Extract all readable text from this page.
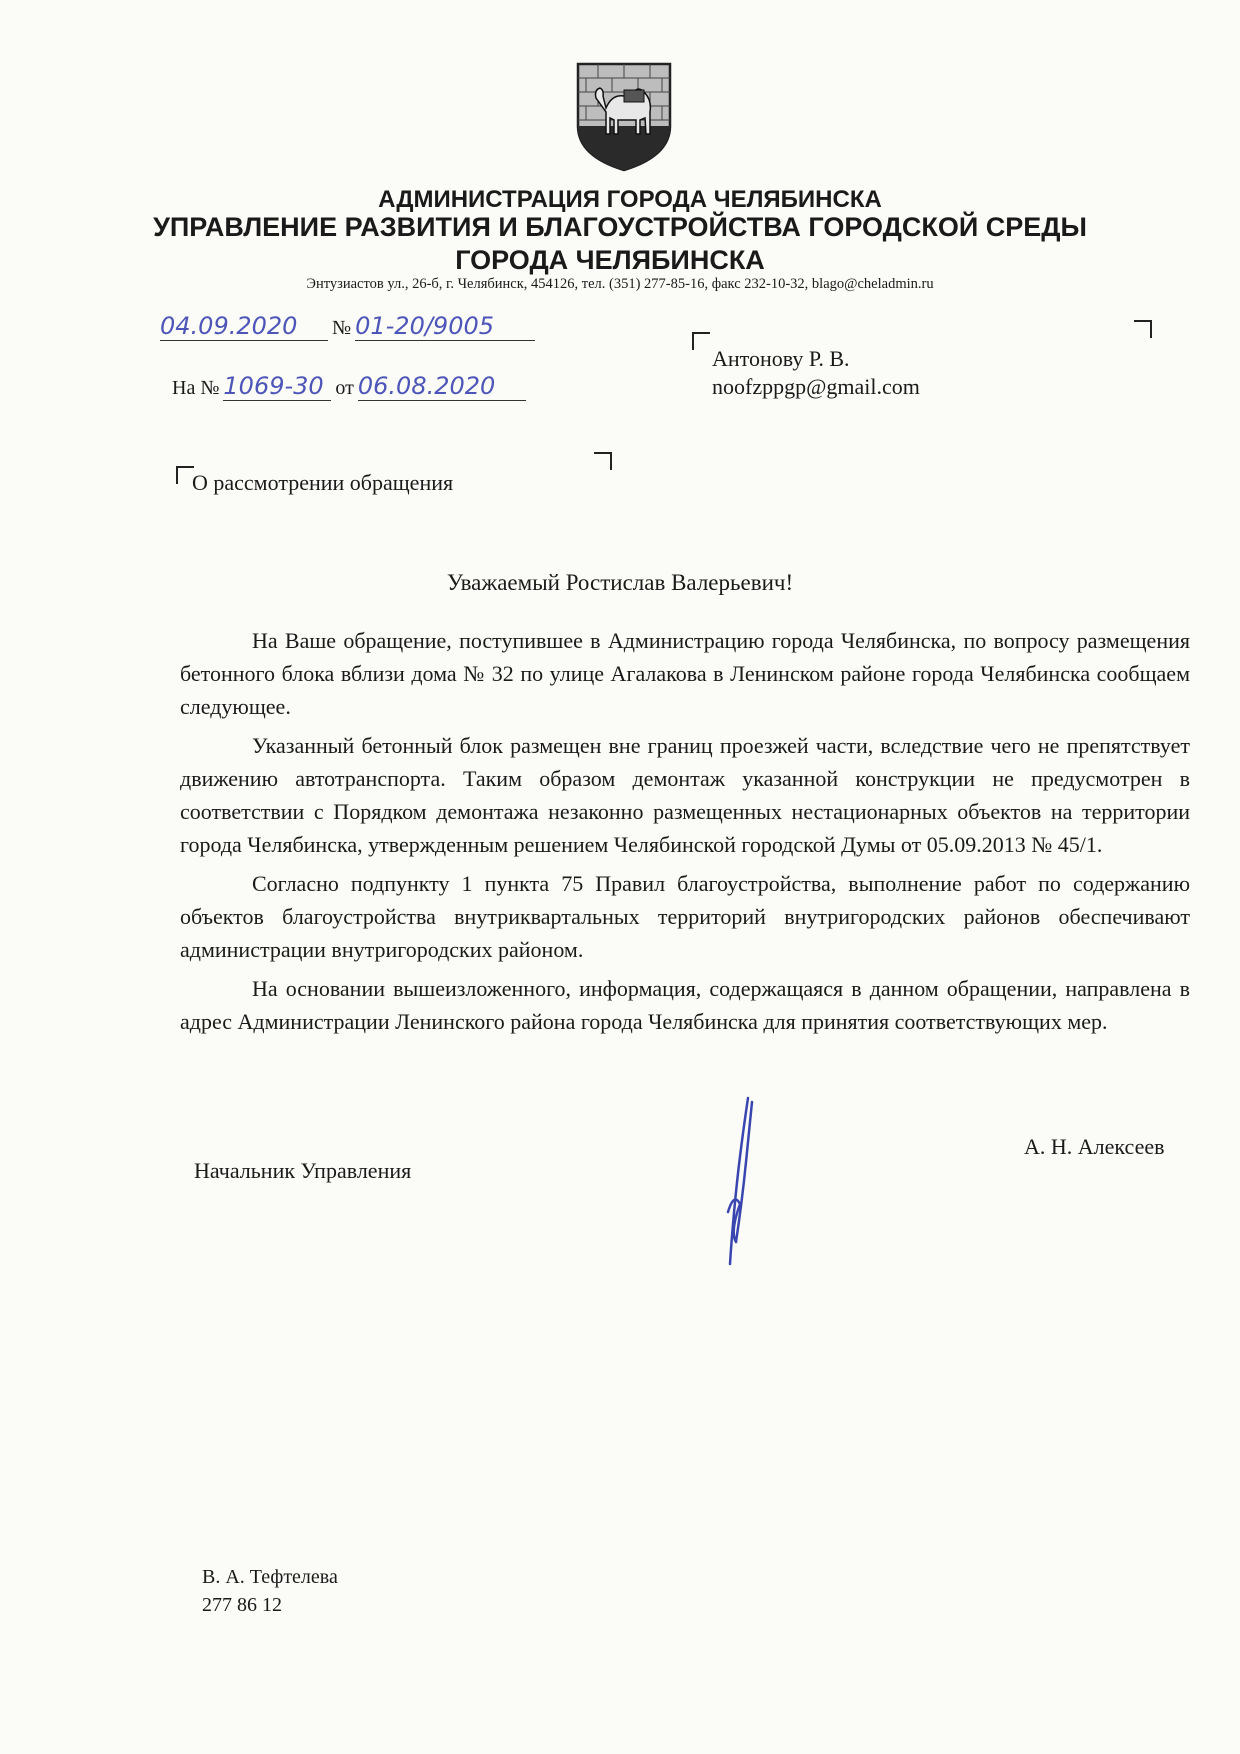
АДМИНИСТРАЦИЯ ГОРОДА ЧЕЛЯБИНСКА
УПРАВЛЕНИЕ РАЗВИТИЯ И БЛАГОУСТРОЙСТВА ГОРОДСКОЙ СРЕДЫ
ГОРОДА ЧЕЛЯБИНСКА
Энтузиастов ул., 26-б, г. Челябинск, 454126, тел. (351) 277-85-16, факс 232-10-32, blago@cheladmin.ru
04.09.2020 № 01-20/9005
На № 1069-30 от 06.08.2020
Антонову Р. В.
noofzppgp@gmail.com
О рассмотрении обращения
Уважаемый Ростислав Валерьевич!

На Ваше обращение, поступившее в Администрацию города Челябинска, по вопросу размещения бетонного блока вблизи дома № 32 по улице Агалакова в Ленинском районе города Челябинска сообщаем следующее.

Указанный бетонный блок размещен вне границ проезжей части, вследствие чего не препятствует движению автотранспорта. Таким образом демонтаж указанной конструкции не предусмотрен в соответствии с Порядком демонтажа незаконно размещенных нестационарных объектов на территории города Челябинска, утвержденным решением Челябинской городской Думы от 05.09.2013 № 45/1.

Согласно подпункту 1 пункта 75 Правил благоустройства, выполнение работ по содержанию объектов благоустройства внутриквартальных территорий внутригородских районов обеспечивают администрации внутригородских районом.

На основании вышеизложенного, информация, содержащаяся в данном обращении, направлена в адрес Администрации Ленинского района города Челябинска для принятия соответствующих мер.

Начальник Управления
А. Н. Алексеев
В. А. Тефтелева
277 86 12
